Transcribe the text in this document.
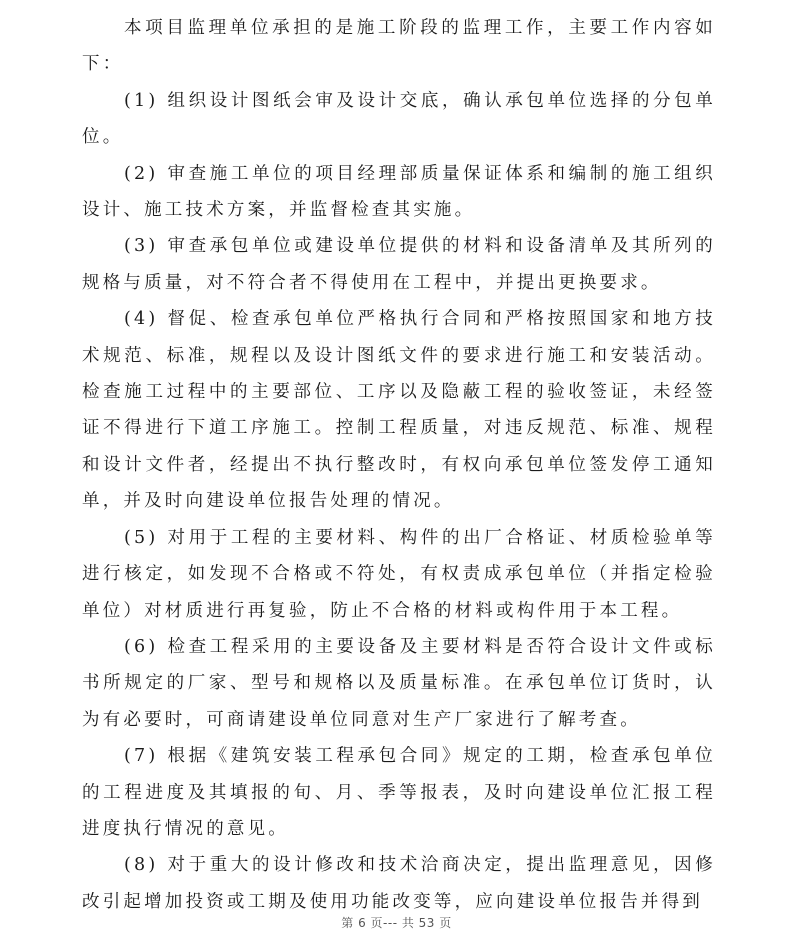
本项目监理单位承担的是施工阶段的监理工作，主要工作内容如下：

(1) 组织设计图纸会审及设计交底，确认承包单位选择的分包单位。

(2) 审查施工单位的项目经理部质量保证体系和编制的施工组织设计、施工技术方案，并监督检查其实施。

(3) 审查承包单位或建设单位提供的材料和设备清单及其所列的规格与质量，对不符合者不得使用在工程中，并提出更换要求。

(4) 督促、检查承包单位严格执行合同和严格按照国家和地方技术规范、标准，规程以及设计图纸文件的要求进行施工和安装活动。检查施工过程中的主要部位、工序以及隐蔽工程的验收签证，未经签证不得进行下道工序施工。控制工程质量，对违反规范、标准、规程和设计文件者，经提出不执行整改时，有权向承包单位签发停工通知单，并及时向建设单位报告处理的情况。

(5) 对用于工程的主要材料、构件的出厂合格证、材质检验单等进行核定，如发现不合格或不符处，有权责成承包单位（并指定检验单位）对材质进行再复验，防止不合格的材料或构件用于本工程。

(6) 检查工程采用的主要设备及主要材料是否符合设计文件或标书所规定的厂家、型号和规格以及质量标准。在承包单位订货时，认为有必要时，可商请建设单位同意对生产厂家进行了解考查。

(7) 根据《建筑安装工程承包合同》规定的工期，检查承包单位的工程进度及其填报的旬、月、季等报表，及时向建设单位汇报工程进度执行情况的意见。

(8) 对于重大的设计修改和技术洽商决定，提出监理意见，因修改引起增加投资或工期及使用功能改变等，应向建设单位报告并得到

第 6 页--- 共 53 页
